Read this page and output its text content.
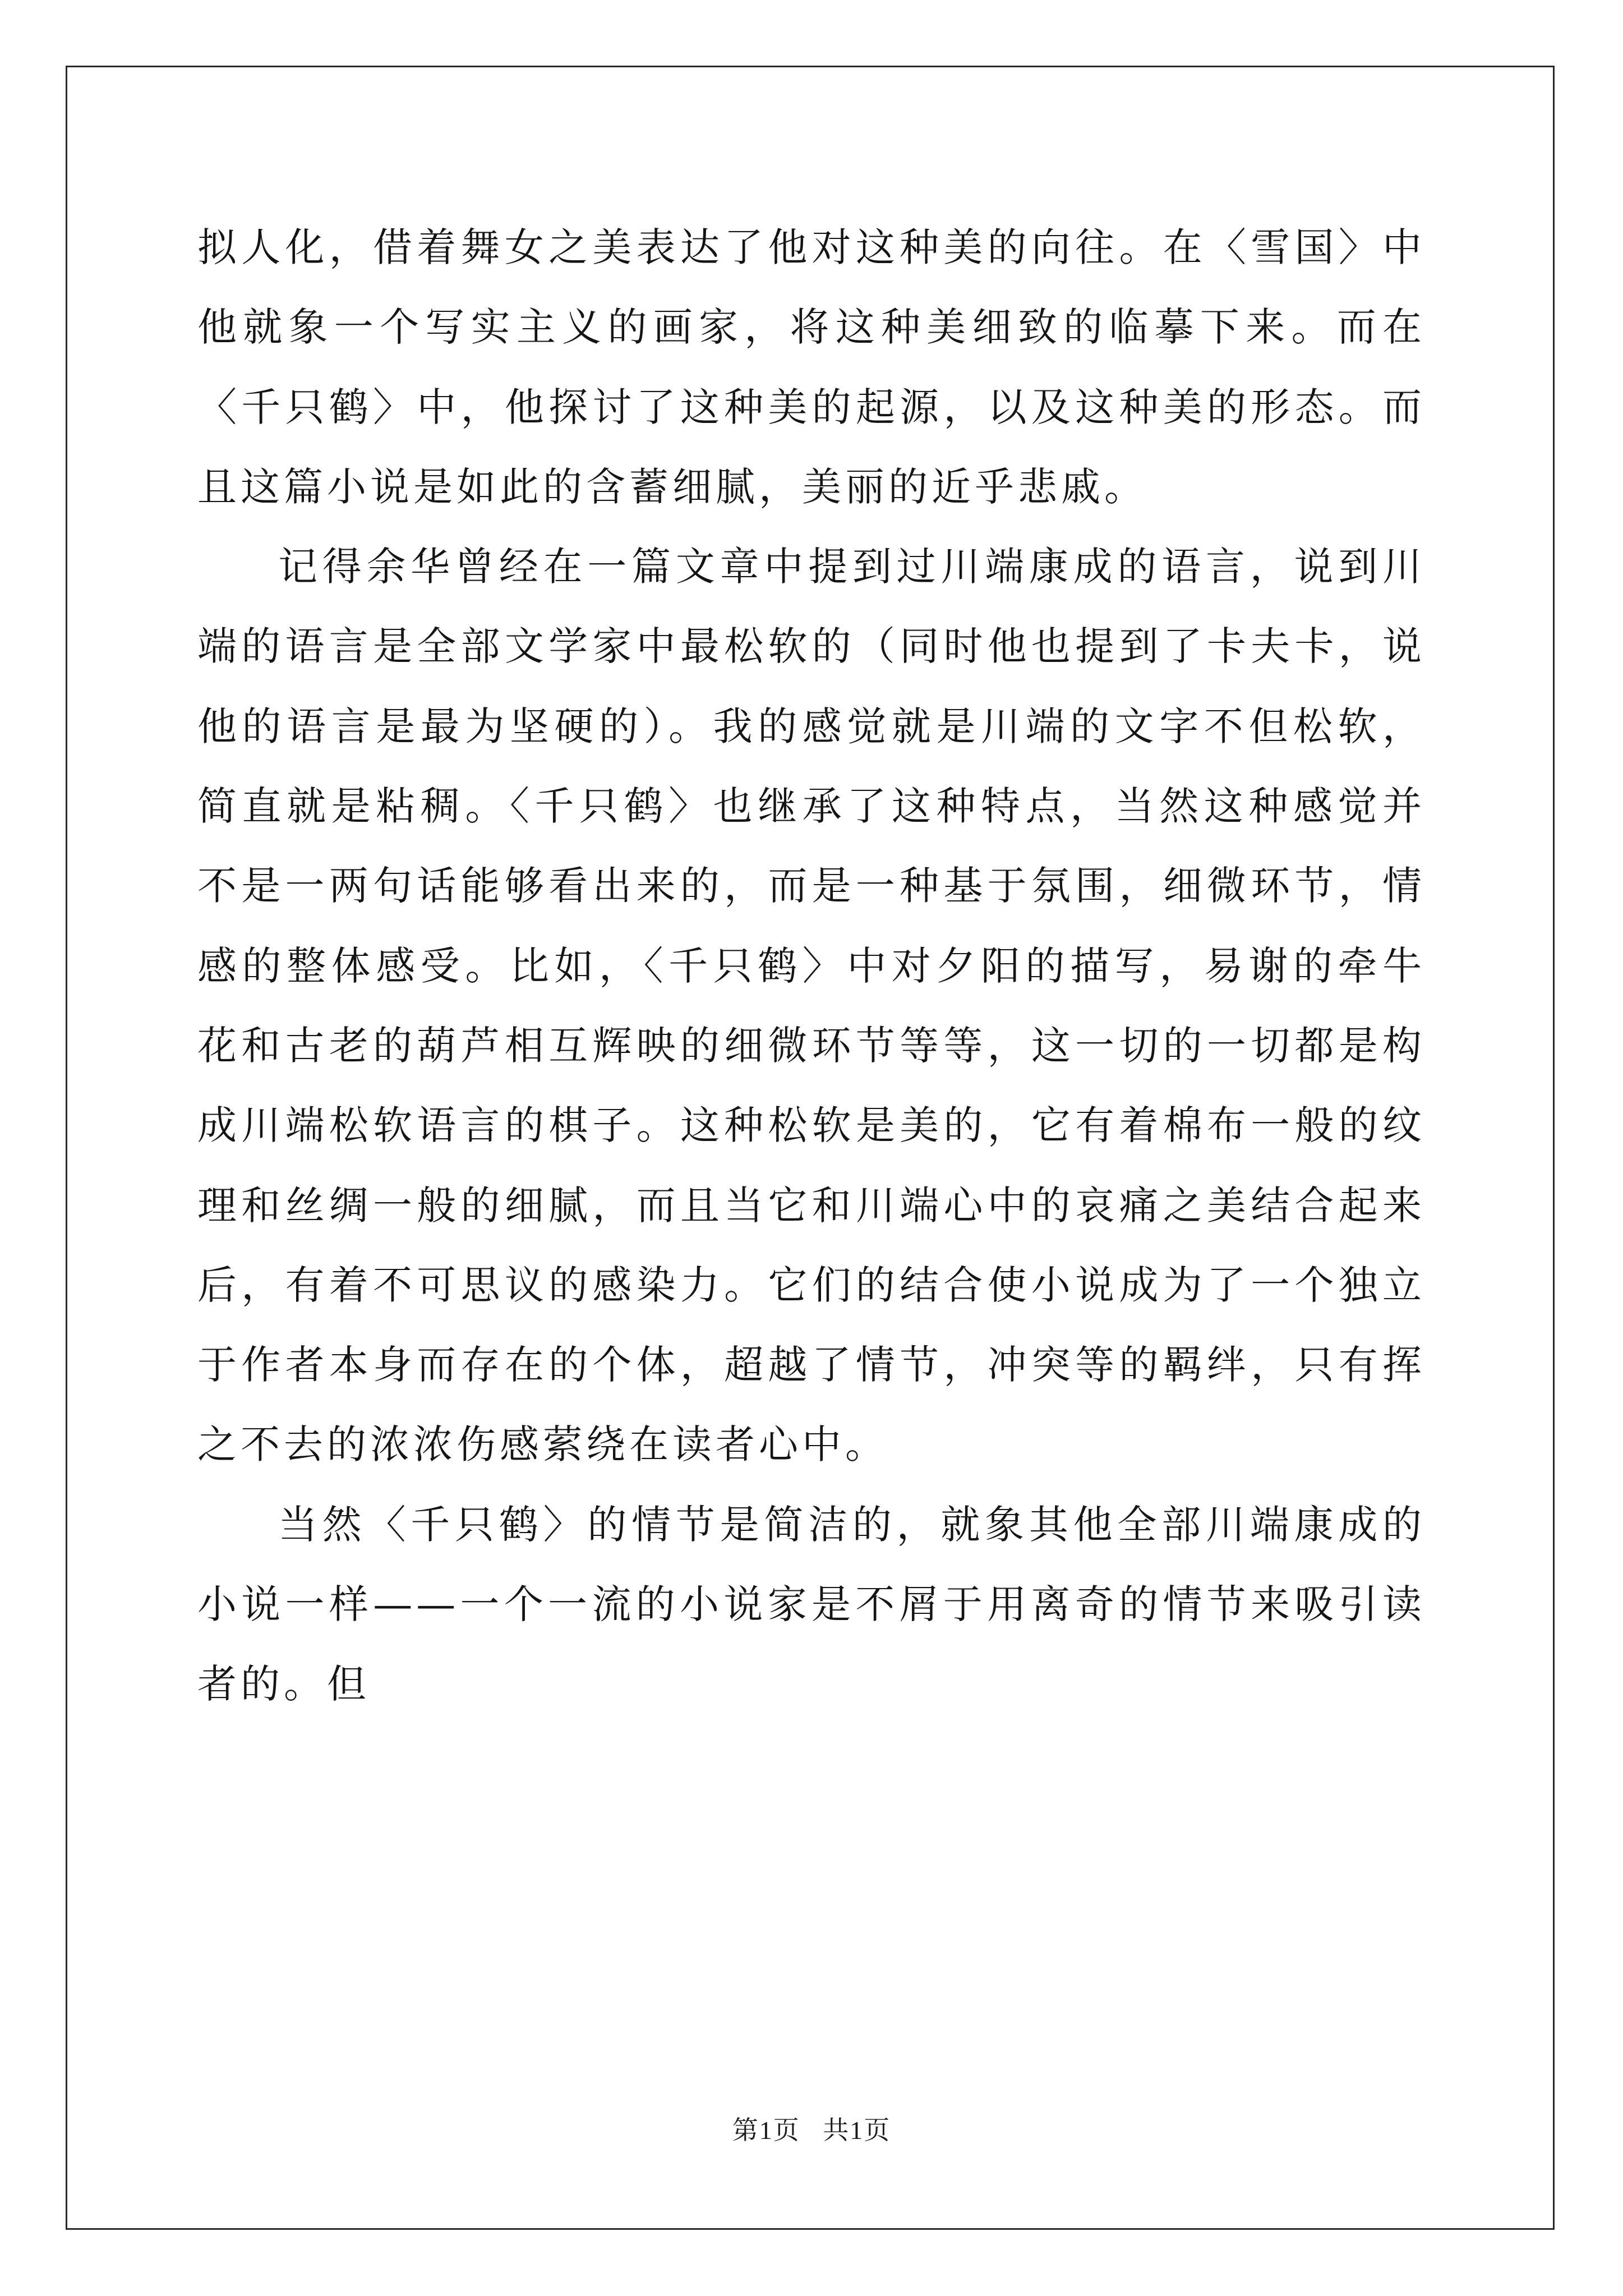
拟人化，借着舞女之美表达了他对这种美的向往。在〈雪国〉中他就象一个写实主义的画家，将这种美细致的临摹下来。而在〈千只鹤〉中，他探讨了这种美的起源，以及这种美的形态。而且这篇小说是如此的含蓄细腻，美丽的近乎悲戚。

记得余华曾经在一篇文章中提到过川端康成的语言，说到川端的语言是全部文学家中最松软的（同时他也提到了卡夫卡，说他的语言是最为坚硬的）。我的感觉就是川端的文字不但松软，简直就是粘稠。〈千只鹤〉也继承了这种特点，当然这种感觉并不是一两句话能够看出来的，而是一种基于氛围，细微环节，情感的整体感受。比如，〈千只鹤〉中对夕阳的描写，易谢的牵牛花和古老的葫芦相互辉映的细微环节等等，这一切的一切都是构成川端松软语言的棋子。这种松软是美的，它有着棉布一般的纹理和丝绸一般的细腻，而且当它和川端心中的哀痛之美结合起来后，有着不可思议的感染力。它们的结合使小说成为了一个独立于作者本身而存在的个体，超越了情节，冲突等的羁绊，只有挥之不去的浓浓伤感萦绕在读者心中。

当然〈千只鹤〉的情节是简洁的，就象其他全部川端康成的小说一样——一个一流的小说家是不屑于用离奇的情节来吸引读者的。但

第1页 共1页
